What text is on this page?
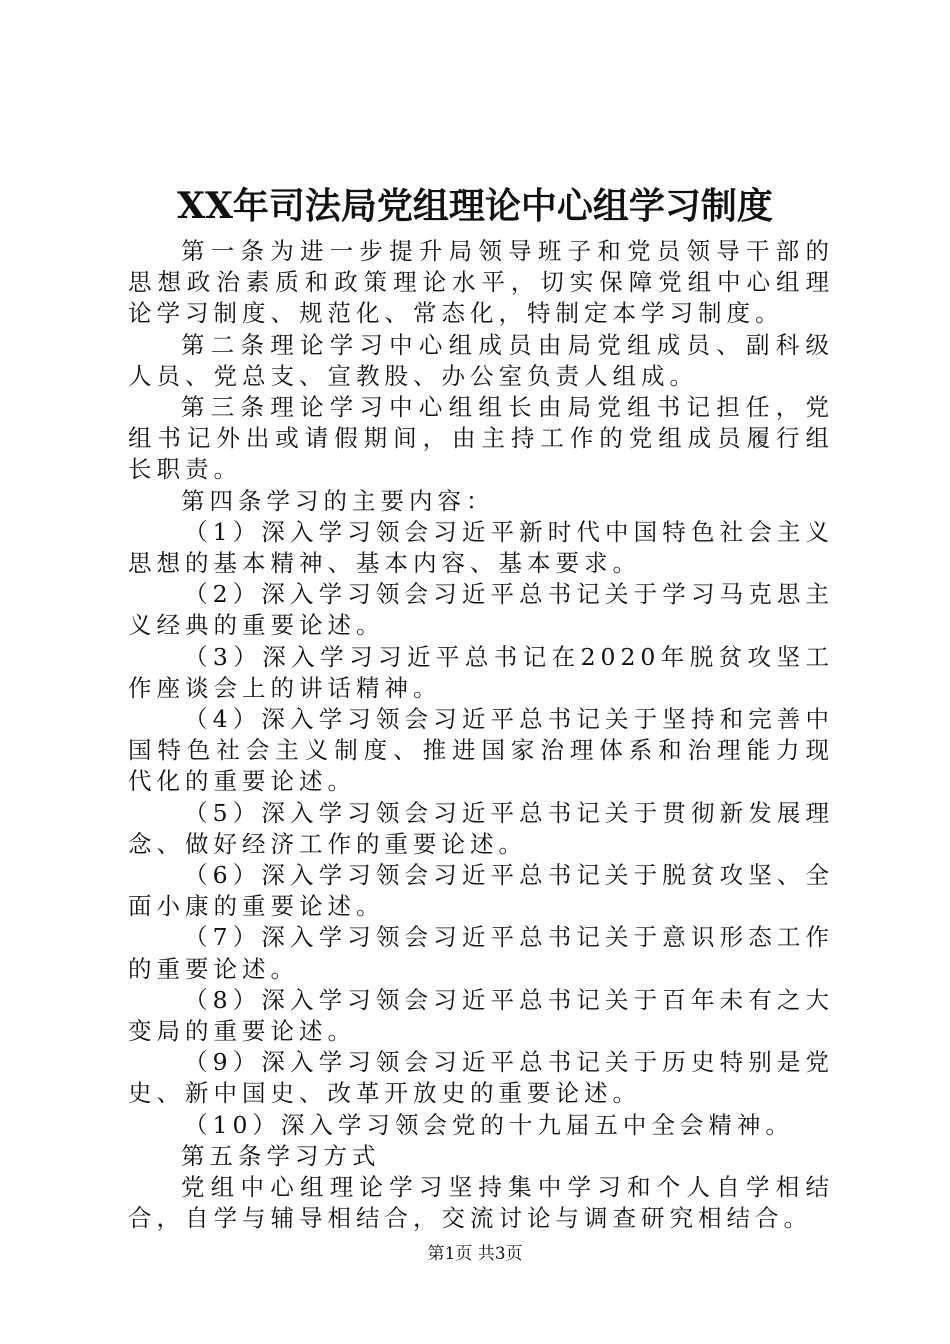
XX年司法局党组理论中心组学习制度

第一条为进一步提升局领导班子和党员领导干部的思想政治素质和政策理论水平，切实保障党组中心组理论学习制度、规范化、常态化，特制定本学习制度。

第二条理论学习中心组成员由局党组成员、副科级人员、党总支、宣教股、办公室负责人组成。

第三条理论学习中心组组长由局党组书记担任，党组书记外出或请假期间，由主持工作的党组成员履行组长职责。

第四条学习的主要内容：

（1）深入学习领会习近平新时代中国特色社会主义思想的基本精神、基本内容、基本要求。

（2）深入学习领会习近平总书记关于学习马克思主义经典的重要论述。

（3）深入学习习近平总书记在2020年脱贫攻坚工作座谈会上的讲话精神。

（4）深入学习领会习近平总书记关于坚持和完善中国特色社会主义制度、推进国家治理体系和治理能力现代化的重要论述。

（5）深入学习领会习近平总书记关于贯彻新发展理念、做好经济工作的重要论述。

（6）深入学习领会习近平总书记关于脱贫攻坚、全面小康的重要论述。

（7）深入学习领会习近平总书记关于意识形态工作的重要论述。

（8）深入学习领会习近平总书记关于百年未有之大变局的重要论述。

（9）深入学习领会习近平总书记关于历史特别是党史、新中国史、改革开放史的重要论述。

（10）深入学习领会党的十九届五中全会精神。

第五条学习方式

党组中心组理论学习坚持集中学习和个人自学相结合，自学与辅导相结合，交流讨论与调查研究相结合。

第1页 共3页
